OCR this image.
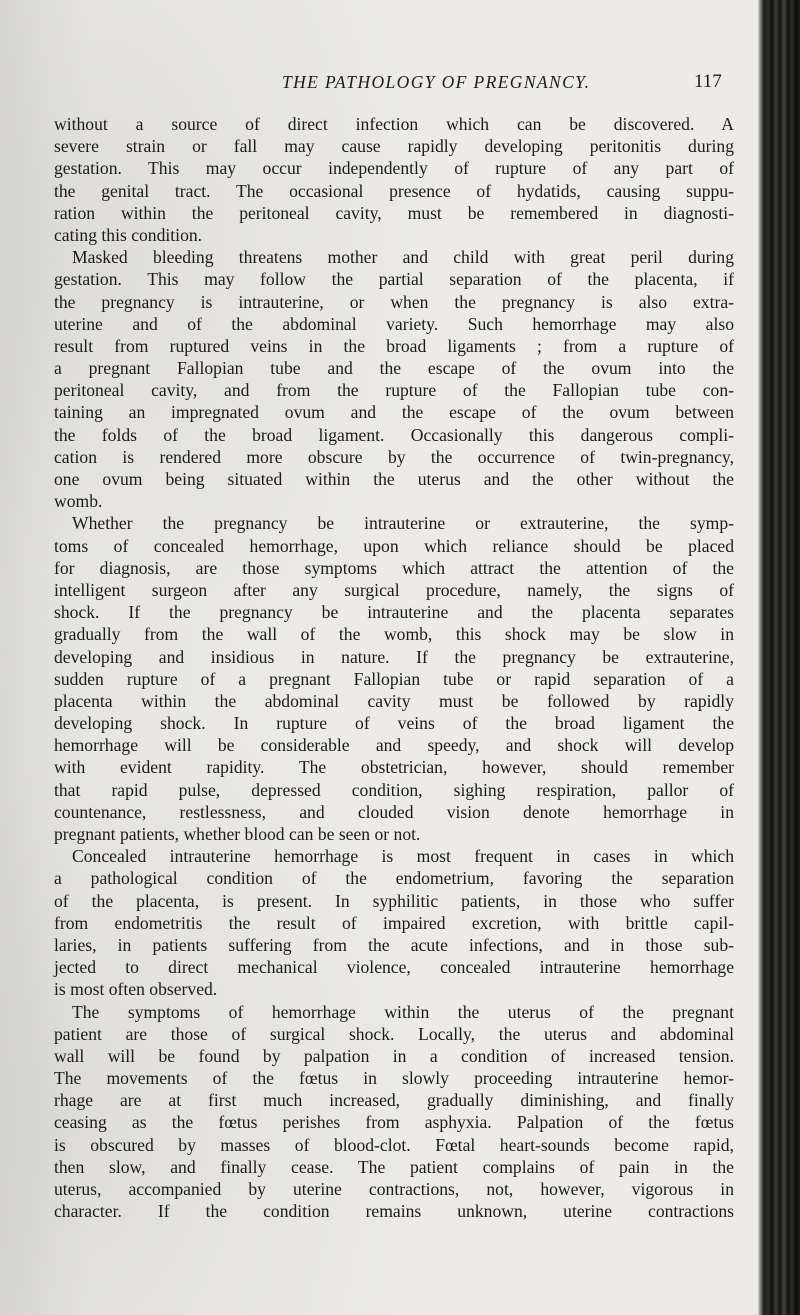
THE PATHOLOGY OF PREGNANCY.	117
without a source of direct infection which can be discovered. A
severe strain or fall may cause rapidly developing peritonitis during
gestation. This may occur independently of rupture of any part of
the genital tract. The occasional presence of hydatids, causing suppu-
ration within the peritoneal cavity, must be remembered in diagnosti-
cating this condition.
Masked bleeding threatens mother and child with great peril during
gestation. This may follow the partial separation of the placenta, if
the pregnancy is intrauterine, or when the pregnancy is also extra-
uterine and of the abdominal variety. Such hemorrhage may also
result from ruptured veins in the broad ligaments ; from a rupture of
a pregnant Fallopian tube and the escape of the ovum into the
peritoneal cavity, and from the rupture of the Fallopian tube con-
taining an impregnated ovum and the escape of the ovum between
the folds of the broad ligament. Occasionally this dangerous compli-
cation is rendered more obscure by the occurrence of twin-pregnancy,
one ovum being situated within the uterus and the other without the
womb.
Whether the pregnancy be intrauterine or extrauterine, the symp-
toms of concealed hemorrhage, upon which reliance should be placed
for diagnosis, are those symptoms which attract the attention of the
intelligent surgeon after any surgical procedure, namely, the signs of
shock. If the pregnancy be intrauterine and the placenta separates
gradually from the wall of the womb, this shock may be slow in
developing and insidious in nature. If the pregnancy be extrauterine,
sudden rupture of a pregnant Fallopian tube or rapid separation of a
placenta within the abdominal cavity must be followed by rapidly
developing shock. In rupture of veins of the broad ligament the
hemorrhage will be considerable and speedy, and shock will develop
with evident rapidity. The obstetrician, however, should remember
that rapid pulse, depressed condition, sighing respiration, pallor of
countenance, restlessness, and clouded vision denote hemorrhage in
pregnant patients, whether blood can be seen or not.
Concealed intrauterine hemorrhage is most frequent in cases in which
a pathological condition of the endometrium, favoring the separation
of the placenta, is present. In syphilitic patients, in those who suffer
from endometritis the result of impaired excretion, with brittle capil-
laries, in patients suffering from the acute infections, and in those sub-
jected to direct mechanical violence, concealed intrauterine hemorrhage
is most often observed.
The symptoms of hemorrhage within the uterus of the pregnant
patient are those of surgical shock. Locally, the uterus and abdominal
wall will be found by palpation in a condition of increased tension.
The movements of the fœtus in slowly proceeding intrauterine hemor-
rhage are at first much increased, gradually diminishing, and finally
ceasing as the fœtus perishes from asphyxia. Palpation of the fœtus
is obscured by masses of blood-clot. Fœtal heart-sounds become rapid,
then slow, and finally cease. The patient complains of pain in the
uterus, accompanied by uterine contractions, not, however, vigorous in
character. If the condition remains unknown, uterine contractions
